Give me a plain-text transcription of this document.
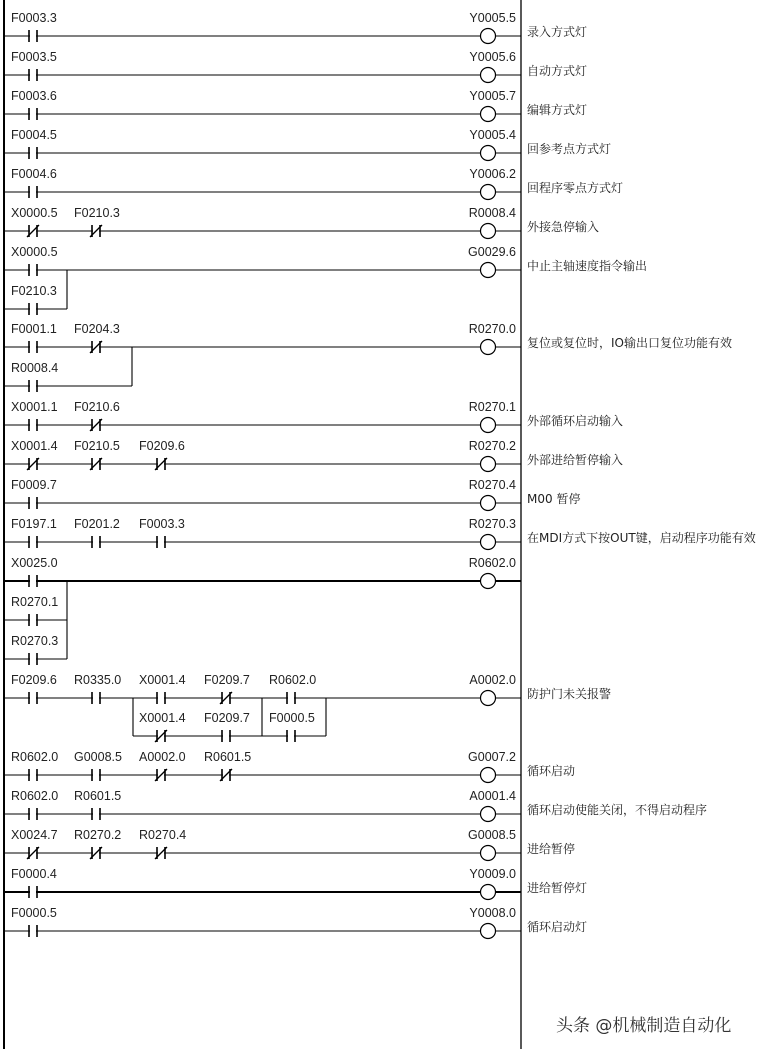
F0003.3	Y0005.5
录入方式灯
F0003.5	Y0005.6
自动方式灯
F0003.6	Y0005.7
编辑方式灯
F0004.5	Y0005.4
回参考点方式灯
F0004.6	Y0006.2
回程序零点方式灯
X0000.5 F0210.3	R0008.4
外接急停输入
F0210.3
X0000.5	G0029.6
中止主轴速度指令输出
R0008.4
F0001.1 F0204.3	R0270.0
复位或复位时，IO输出口复位功能有效
X0001.1 F0210.6	R0270.1
外部循环启动输入
X0001.4 F0210.5 F0209.6	R0270.2
外部进给暂停输入
F0009.7	R0270.4
M00 暂停
F0197.1 F0201.2 F0003.3	R0270.3
在MDI方式下按OUT键，启动程序功能有效
R0270.1
R0270.3
X0025.0	R0602.0
X0001.4 F0209.7 F0000.5
F0209.6 R0335.0 X0001.4 F0209.7 R0602.0	A0002.0
防护门未关报警
R0602.0 G0008.5 A0002.0 R0601.5	G0007.2
循环启动
R0602.0 R0601.5	A0001.4
循环启动使能关闭，不得启动程序
X0024.7 R0270.2 R0270.4	G0008.5
进给暂停
F0000.4	Y0009.0
进给暂停灯
F0000.5	Y0008.0
循环启动灯
头条 @机械制造自动化
